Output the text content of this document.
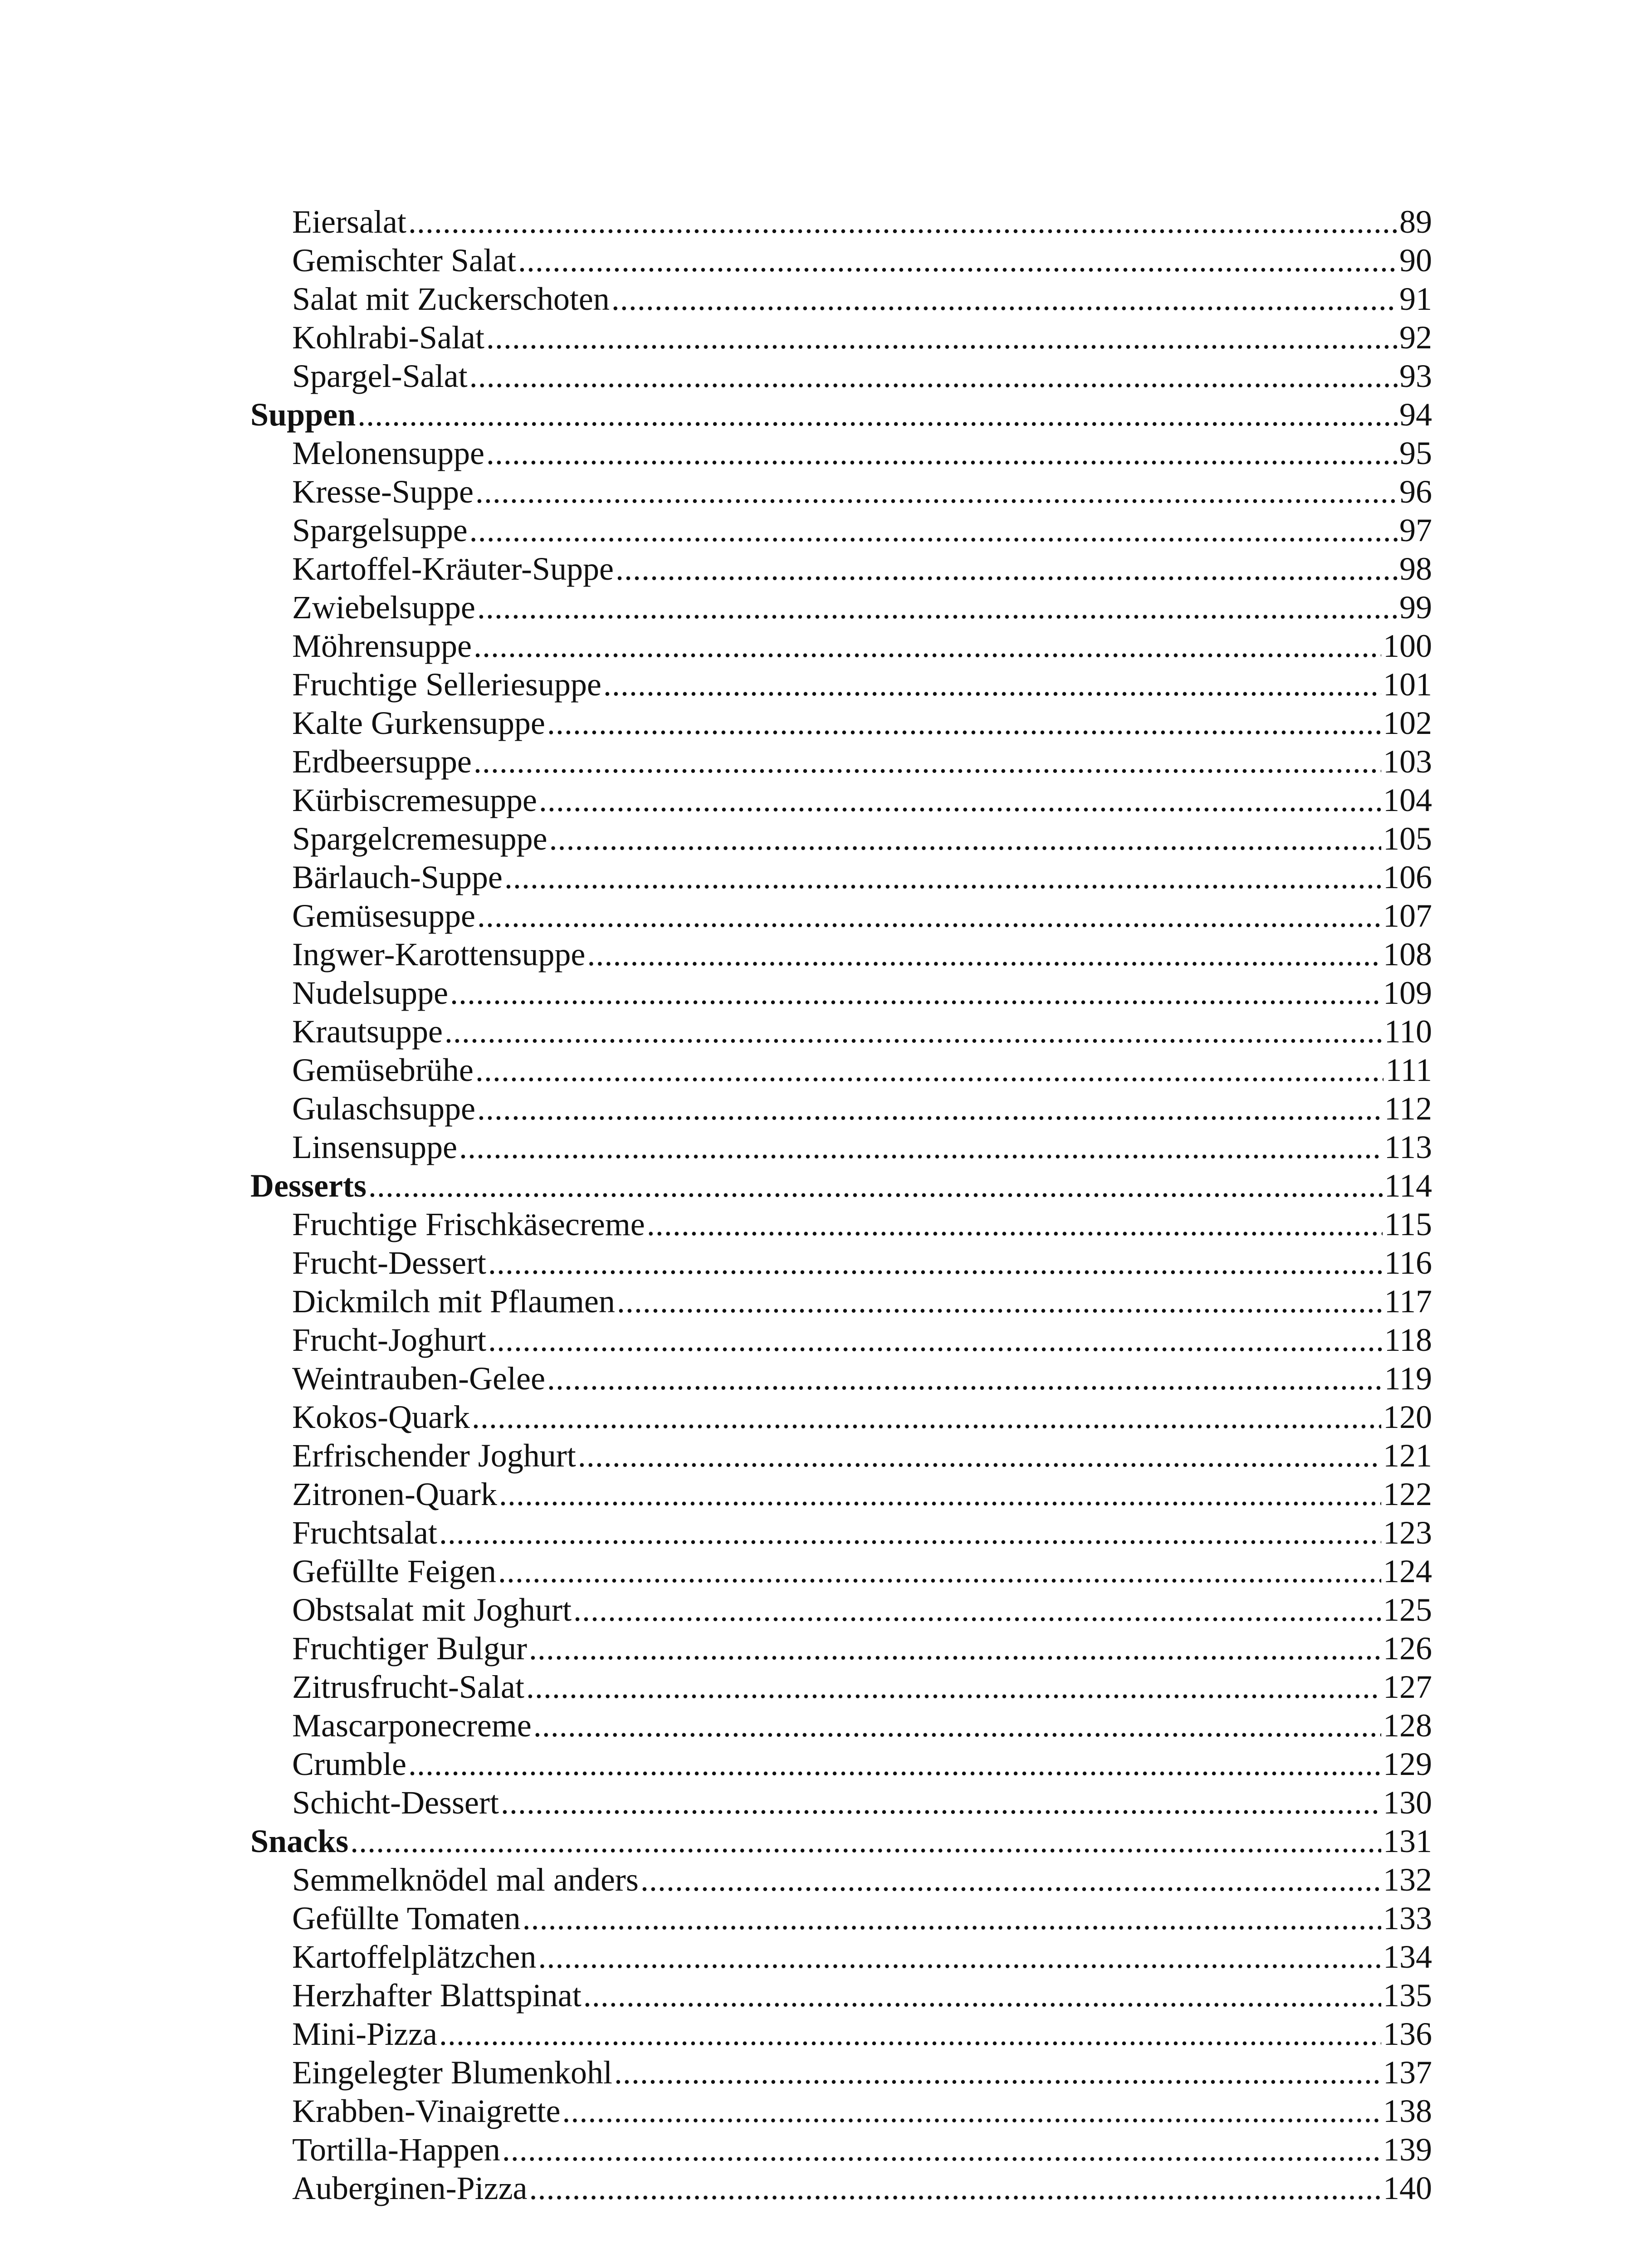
Eiersalat .....	89
Gemischter Salat .....	90
Salat mit Zuckerschoten .....	91
Kohlrabi-Salat .....	92
Spargel-Salat .....	93
Suppen .....	94
Melonensuppe .....	95
Kresse-Suppe .....	96
Spargelsuppe .....	97
Kartoffel-Kräuter-Suppe .....	98
Zwiebelsuppe .....	99
Möhrensuppe .....	100
Fruchtige Selleriesuppe .....	101
Kalte Gurkensuppe .....	102
Erdbeersuppe .....	103
Kürbiscremesuppe .....	104
Spargelcremesuppe .....	105
Bärlauch-Suppe .....	106
Gemüsesuppe .....	107
Ingwer-Karottensuppe .....	108
Nudelsuppe .....	109
Krautsuppe .....	110
Gemüsebrühe .....	111
Gulaschsuppe .....	112
Linsensuppe .....	113
Desserts .....	114
Fruchtige Frischkäsecreme .....	115
Frucht-Dessert .....	116
Dickmilch mit Pflaumen .....	117
Frucht-Joghurt .....	118
Weintrauben-Gelee .....	119
Kokos-Quark .....	120
Erfrischender Joghurt .....	121
Zitronen-Quark .....	122
Fruchtsalat .....	123
Gefüllte Feigen .....	124
Obstsalat mit Joghurt .....	125
Fruchtiger Bulgur .....	126
Zitrusfrucht-Salat .....	127
Mascarponecreme .....	128
Crumble .....	129
Schicht-Dessert .....	130
Snacks .....	131
Semmelknödel mal anders .....	132
Gefüllte Tomaten .....	133
Kartoffelplätzchen .....	134
Herzhafter Blattspinat .....	135
Mini-Pizza .....	136
Eingelegter Blumenkohl .....	137
Krabben-Vinaigrette .....	138
Tortilla-Happen .....	139
Auberginen-Pizza .....	140
